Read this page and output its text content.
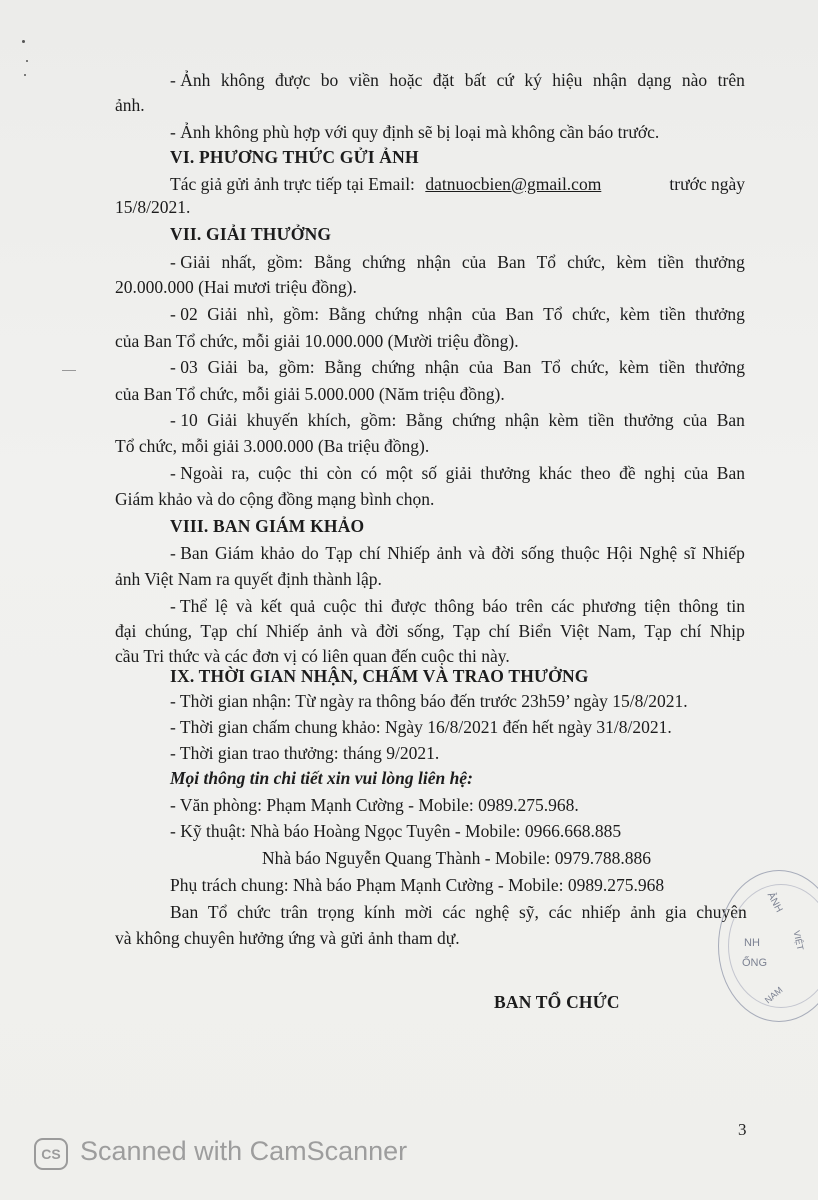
- Ảnh không được bo viền hoặc đặt bất cứ ký hiệu nhận dạng nào trên
ảnh.
- Ảnh không phù hợp với quy định sẽ bị loại mà không cần báo trước.
VI. PHƯƠNG THỨC GỬI ẢNH
Tác giả gửi ảnh trực tiếp tại Email: datnuocbien@gmail.com	trước ngày
15/8/2021.
VII. GIẢI THƯỞNG
- Giải nhất, gồm: Bằng chứng nhận của Ban Tổ chức, kèm tiền thưởng
20.000.000 (Hai mươi triệu đồng).
- 02 Giải nhì, gồm: Bằng chứng nhận của Ban Tổ chức, kèm tiền thưởng
của Ban Tổ chức, mỗi giải 10.000.000 (Mười triệu đồng).
- 03 Giải ba, gồm: Bằng chứng nhận của Ban Tổ chức, kèm tiền thưởng
của Ban Tổ chức, mỗi giải 5.000.000 (Năm triệu đồng).
- 10 Giải khuyến khích, gồm: Bằng chứng nhận kèm tiền thưởng của Ban
Tổ chức, mỗi giải 3.000.000 (Ba triệu đồng).
- Ngoài ra, cuộc thi còn có một số giải thưởng khác theo đề nghị của Ban
Giám khảo và do cộng đồng mạng bình chọn.
VIII. BAN GIÁM KHẢO
- Ban Giám khảo do Tạp chí Nhiếp ảnh và đời sống thuộc Hội Nghệ sĩ Nhiếp
ảnh Việt Nam ra quyết định thành lập.
- Thể lệ và kết quả cuộc thi được thông báo trên các phương tiện thông tin
đại chúng, Tạp chí Nhiếp ảnh và đời sống, Tạp chí Biển Việt Nam, Tạp chí Nhịp
cầu Tri thức và các đơn vị có liên quan đến cuộc thi này.
IX. THỜI GIAN NHẬN, CHẤM VÀ TRAO THƯỞNG
- Thời gian nhận: Từ ngày ra thông báo đến trước 23h59’ ngày 15/8/2021.
- Thời gian chấm chung khảo: Ngày 16/8/2021 đến hết ngày 31/8/2021.
- Thời gian trao thưởng: tháng 9/2021.
Mọi thông tin chi tiết xin vui lòng liên hệ:
- Văn phòng: Phạm Mạnh Cường - Mobile: 0989.275.968.
- Kỹ thuật: Nhà báo Hoàng Ngọc Tuyên - Mobile: 0966.668.885
Nhà báo Nguyễn Quang Thành - Mobile: 0979.788.886
Phụ trách chung: Nhà báo Phạm Mạnh Cường - Mobile: 0989.275.968
Ban Tổ chức trân trọng kính mời các nghệ sỹ, các nhiếp ảnh gia chuyên
và không chuyên hưởng ứng và gửi ảnh tham dự.
BAN TỔ CHỨC
ẢNH
NH
ỐNG
VIỆT
NAM
3
CS Scanned with CamScanner
